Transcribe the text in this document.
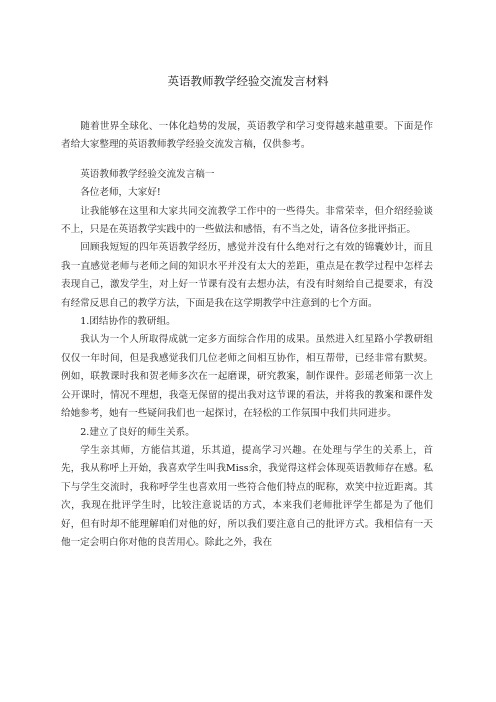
英语教师教学经验交流发言材料

随着世界全球化、一体化趋势的发展，英语教学和学习变得越来越重要。下面是作者给大家整理的英语教师教学经验交流发言稿，仅供参考。

英语教师教学经验交流发言稿一

各位老师，大家好!

让我能够在这里和大家共同交流教学工作中的一些得失。非常荣幸，但介绍经验谈不上，只是在英语教学实践中的一些做法和感悟，有不当之处，请各位多批评指正。

回顾我短短的四年英语教学经历，感觉并没有什么绝对行之有效的锦囊妙计，而且我一直感觉老师与老师之间的知识水平并没有太大的差距，重点是在教学过程中怎样去表现自己，激发学生，对上好一节课有没有去想办法，有没有时刻给自己提要求，有没有经常反思自己的教学方法，下面是我在这学期教学中注意到的七个方面。

1.团结协作的教研组。

我认为一个人所取得成就一定多方面综合作用的成果。虽然进入红星路小学教研组仅仅一年时间，但是我感觉我们几位老师之间相互协作，相互帮带，已经非常有默契。例如，联教课时我和贺老师多次在一起磨课，研究教案，制作课件。彭瑶老师第一次上公开课时，情况不理想，我毫无保留的提出我对这节课的看法，并将我的教案和课件发给她参考，她有一些疑问我们也一起探讨，在轻松的工作氛围中我们共同进步。

2.建立了良好的师生关系。

学生亲其师，方能信其道，乐其道，提高学习兴趣。在处理与学生的关系上，首先，我从称呼上开始，我喜欢学生叫我Miss余，我觉得这样会体现英语教师存在感。私下与学生交流时，我称呼学生也喜欢用一些符合他们特点的昵称，欢笑中拉近距离。其次，我现在批评学生时，比较注意说话的方式，本来我们老师批评学生都是为了他们好，但有时却不能理解咱们对他的好，所以我们要注意自己的批评方式。我相信有一天他一定会明白你对他的良苦用心。除此之外，我在
